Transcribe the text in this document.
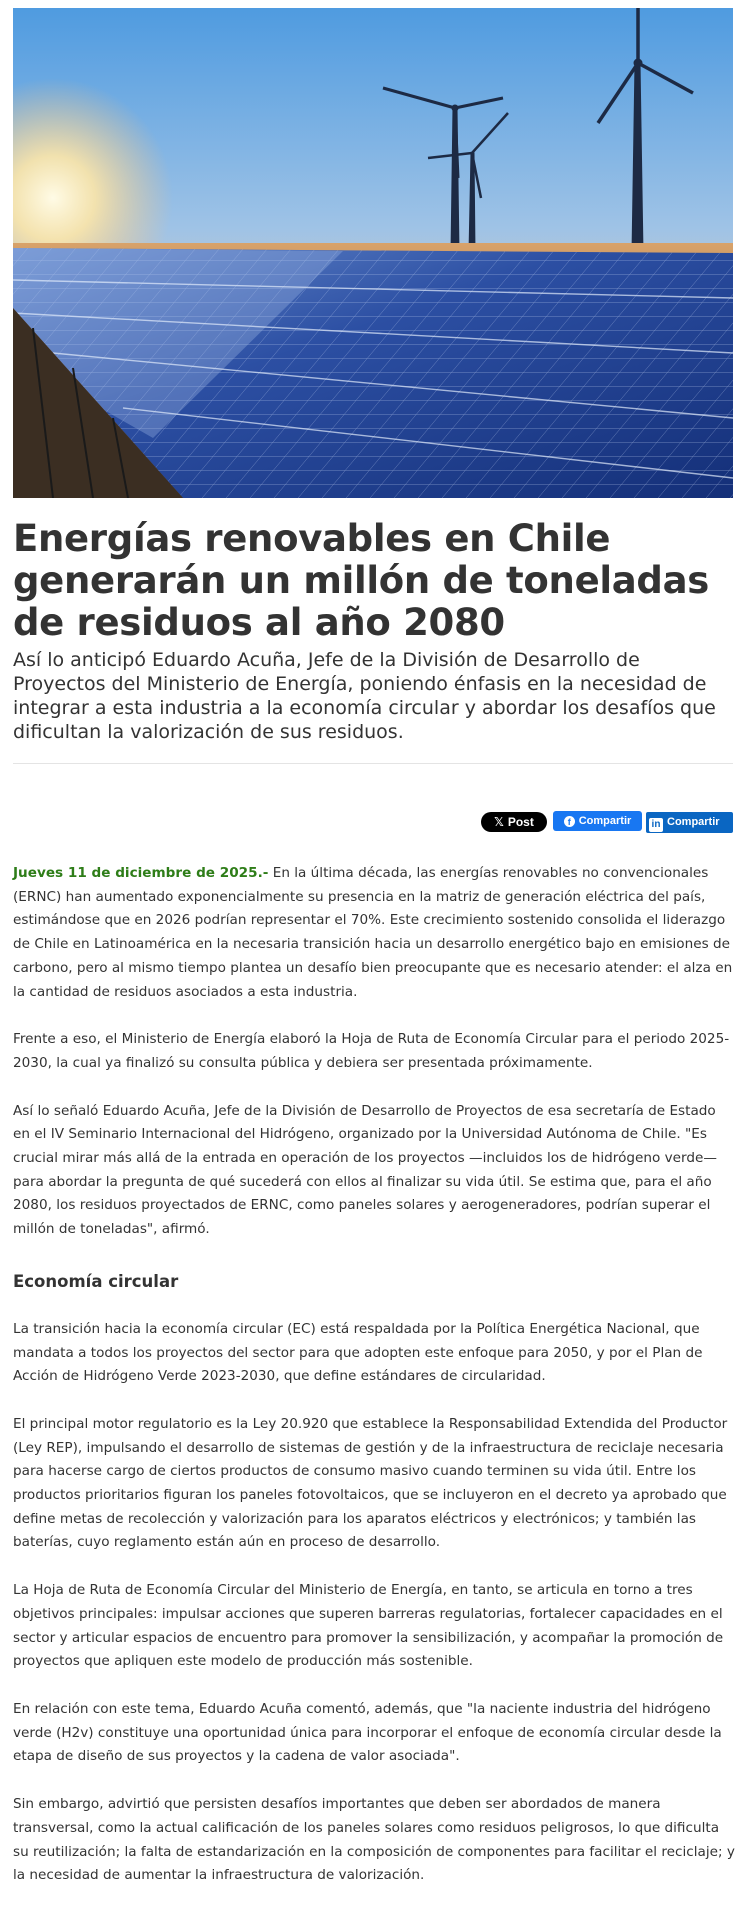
Energías renovables en Chile generarán un millón de toneladas de residuos al año 2080

Así lo anticipó Eduardo Acuña, Jefe de la División de Desarrollo de Proyectos del Ministerio de Energía, poniendo énfasis en la necesidad de integrar a esta industria a la economía circular y abordar los desafíos que dificultan la valorización de sus residuos.

𝕏 Post	f Compartir	in Compartir

Jueves 11 de diciembre de 2025.- En la última década, las energías renovables no convencionales (ERNC) han aumentado exponencialmente su presencia en la matriz de generación eléctrica del país, estimándose que en 2026 podrían representar el 70%. Este crecimiento sostenido consolida el liderazgo de Chile en Latinoamérica en la necesaria transición hacia un desarrollo energético bajo en emisiones de carbono, pero al mismo tiempo plantea un desafío bien preocupante que es necesario atender: el alza en la cantidad de residuos asociados a esta industria.

Frente a eso, el Ministerio de Energía elaboró la Hoja de Ruta de Economía Circular para el periodo 2025-2030, la cual ya finalizó su consulta pública y debiera ser presentada próximamente.

Así lo señaló Eduardo Acuña, Jefe de la División de Desarrollo de Proyectos de esa secretaría de Estado en el IV Seminario Internacional del Hidrógeno, organizado por la Universidad Autónoma de Chile. "Es crucial mirar más allá de la entrada en operación de los proyectos —incluidos los de hidrógeno verde— para abordar la pregunta de qué sucederá con ellos al finalizar su vida útil. Se estima que, para el año 2080, los residuos proyectados de ERNC, como paneles solares y aerogeneradores, podrían superar el millón de toneladas", afirmó.

Economía circular

La transición hacia la economía circular (EC) está respaldada por la Política Energética Nacional, que mandata a todos los proyectos del sector para que adopten este enfoque para 2050, y por el Plan de Acción de Hidrógeno Verde 2023-2030, que define estándares de circularidad.

El principal motor regulatorio es la Ley 20.920 que establece la Responsabilidad Extendida del Productor (Ley REP), impulsando el desarrollo de sistemas de gestión y de la infraestructura de reciclaje necesaria para hacerse cargo de ciertos productos de consumo masivo cuando terminen su vida útil. Entre los productos prioritarios figuran los paneles fotovoltaicos, que se incluyeron en el decreto ya aprobado que define metas de recolección y valorización para los aparatos eléctricos y electrónicos; y también las baterías, cuyo reglamento están aún en proceso de desarrollo.

La Hoja de Ruta de Economía Circular del Ministerio de Energía, en tanto, se articula en torno a tres objetivos principales: impulsar acciones que superen barreras regulatorias, fortalecer capacidades en el sector y articular espacios de encuentro para promover la sensibilización, y acompañar la promoción de proyectos que apliquen este modelo de producción más sostenible.

En relación con este tema, Eduardo Acuña comentó, además, que "la naciente industria del hidrógeno verde (H2v) constituye una oportunidad única para incorporar el enfoque de economía circular desde la etapa de diseño de sus proyectos y la cadena de valor asociada".

Sin embargo, advirtió que persisten desafíos importantes que deben ser abordados de manera transversal, como la actual calificación de los paneles solares como residuos peligrosos, lo que dificulta su reutilización; la falta de estandarización en la composición de componentes para facilitar el reciclaje; y la necesidad de aumentar la infraestructura de valorización.
